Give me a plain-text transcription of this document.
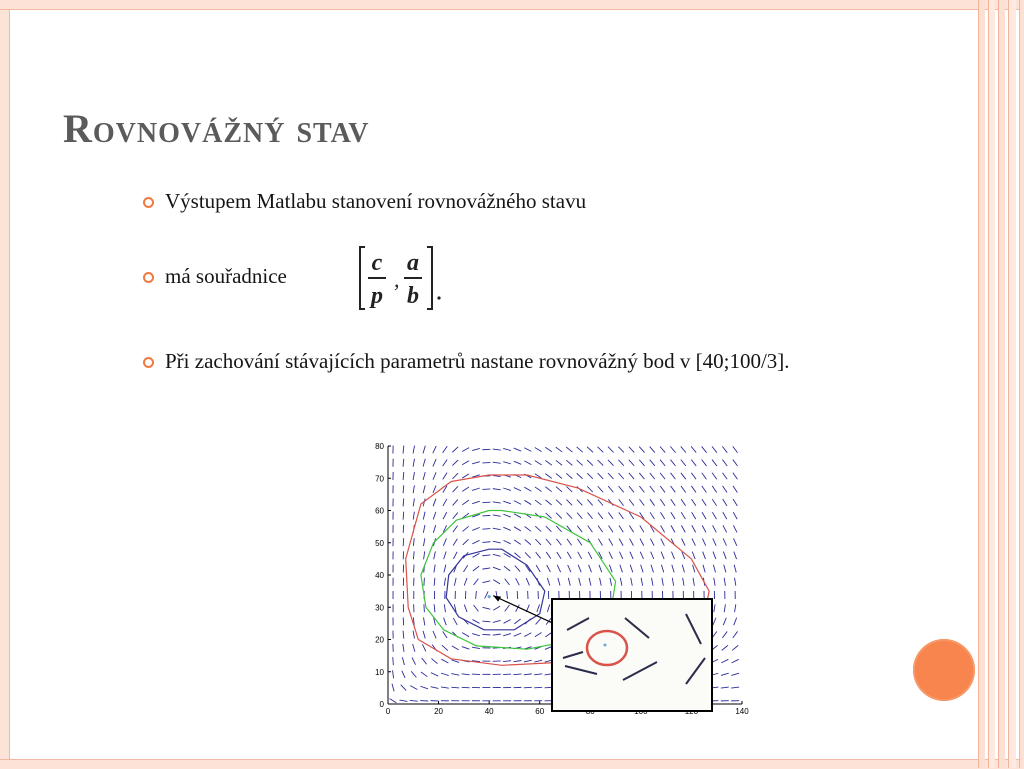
Rovnovážný stav
Výstupem Matlabu stanovení rovnovážného stavu
má souřadnice	c
p
,
a
b
Při zachování stávajících parametrů nastane rovnovážný bod v [40;100/3].
0	20	40	60	140
0
10
20
30
40
50
60
70
80
